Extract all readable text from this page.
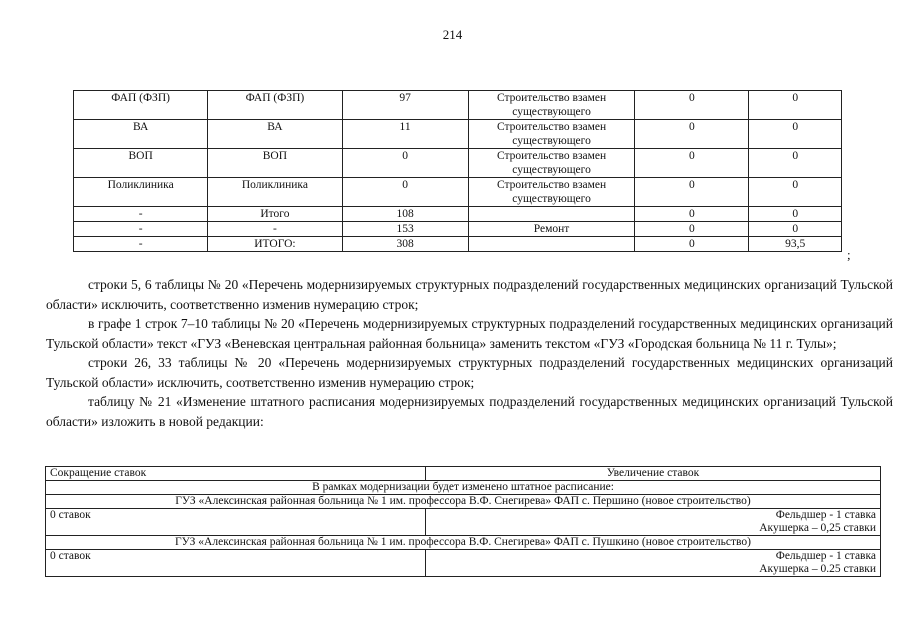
214
ФАП (ФЗП)	ФАП (ФЗП)	97	Строительство взамен существующего	0	0
ВА	ВА	11	Строительство взамен существующего	0	0
ВОП	ВОП	0	Строительство взамен существующего	0	0
Поликлиника	Поликлиника	0	Строительство взамен существующего	0	0
-	Итого	108		0	0
-	-	153	Ремонт	0	0
-	ИТОГО:	308		0	93,5
;

строки 5, 6 таблицы № 20 «Перечень модернизируемых структурных подразделений государственных медицинских организаций Тульской области» исключить, соответственно изменив нумерацию строк;

в графе 1 строк 7–10 таблицы № 20 «Перечень модернизируемых структурных подразделений государственных медицинских организаций Тульской области» текст «ГУЗ «Веневская центральная районная больница» заменить текстом «ГУЗ «Городская больница № 11 г. Тулы»;

строки 26, 33 таблицы № 20 «Перечень модернизируемых структурных подразделений государственных медицинских организаций Тульской области» исключить, соответственно изменив нумерацию строк;

таблицу № 21 «Изменение штатного расписания модернизируемых подразделений государственных медицинских организаций Тульской области» изложить в новой редакции:

Сокращение ставок	Увеличение ставок
В рамках модернизации будет изменено штатное расписание:	
ГУЗ «Алексинская районная больница № 1 им. профессора В.Ф. Снегирева» ФАП с. Першино (новое строительство)	
0 ставок	Фельдшер - 1 ставка
Акушерка – 0,25 ставки

ГУЗ «Алексинская районная больница № 1 им. профессора В.Ф. Снегирева» ФАП с. Пушкино (новое строительство)	
0 ставок	Фельдшер - 1 ставка
Акушерка – 0.25 ставки
